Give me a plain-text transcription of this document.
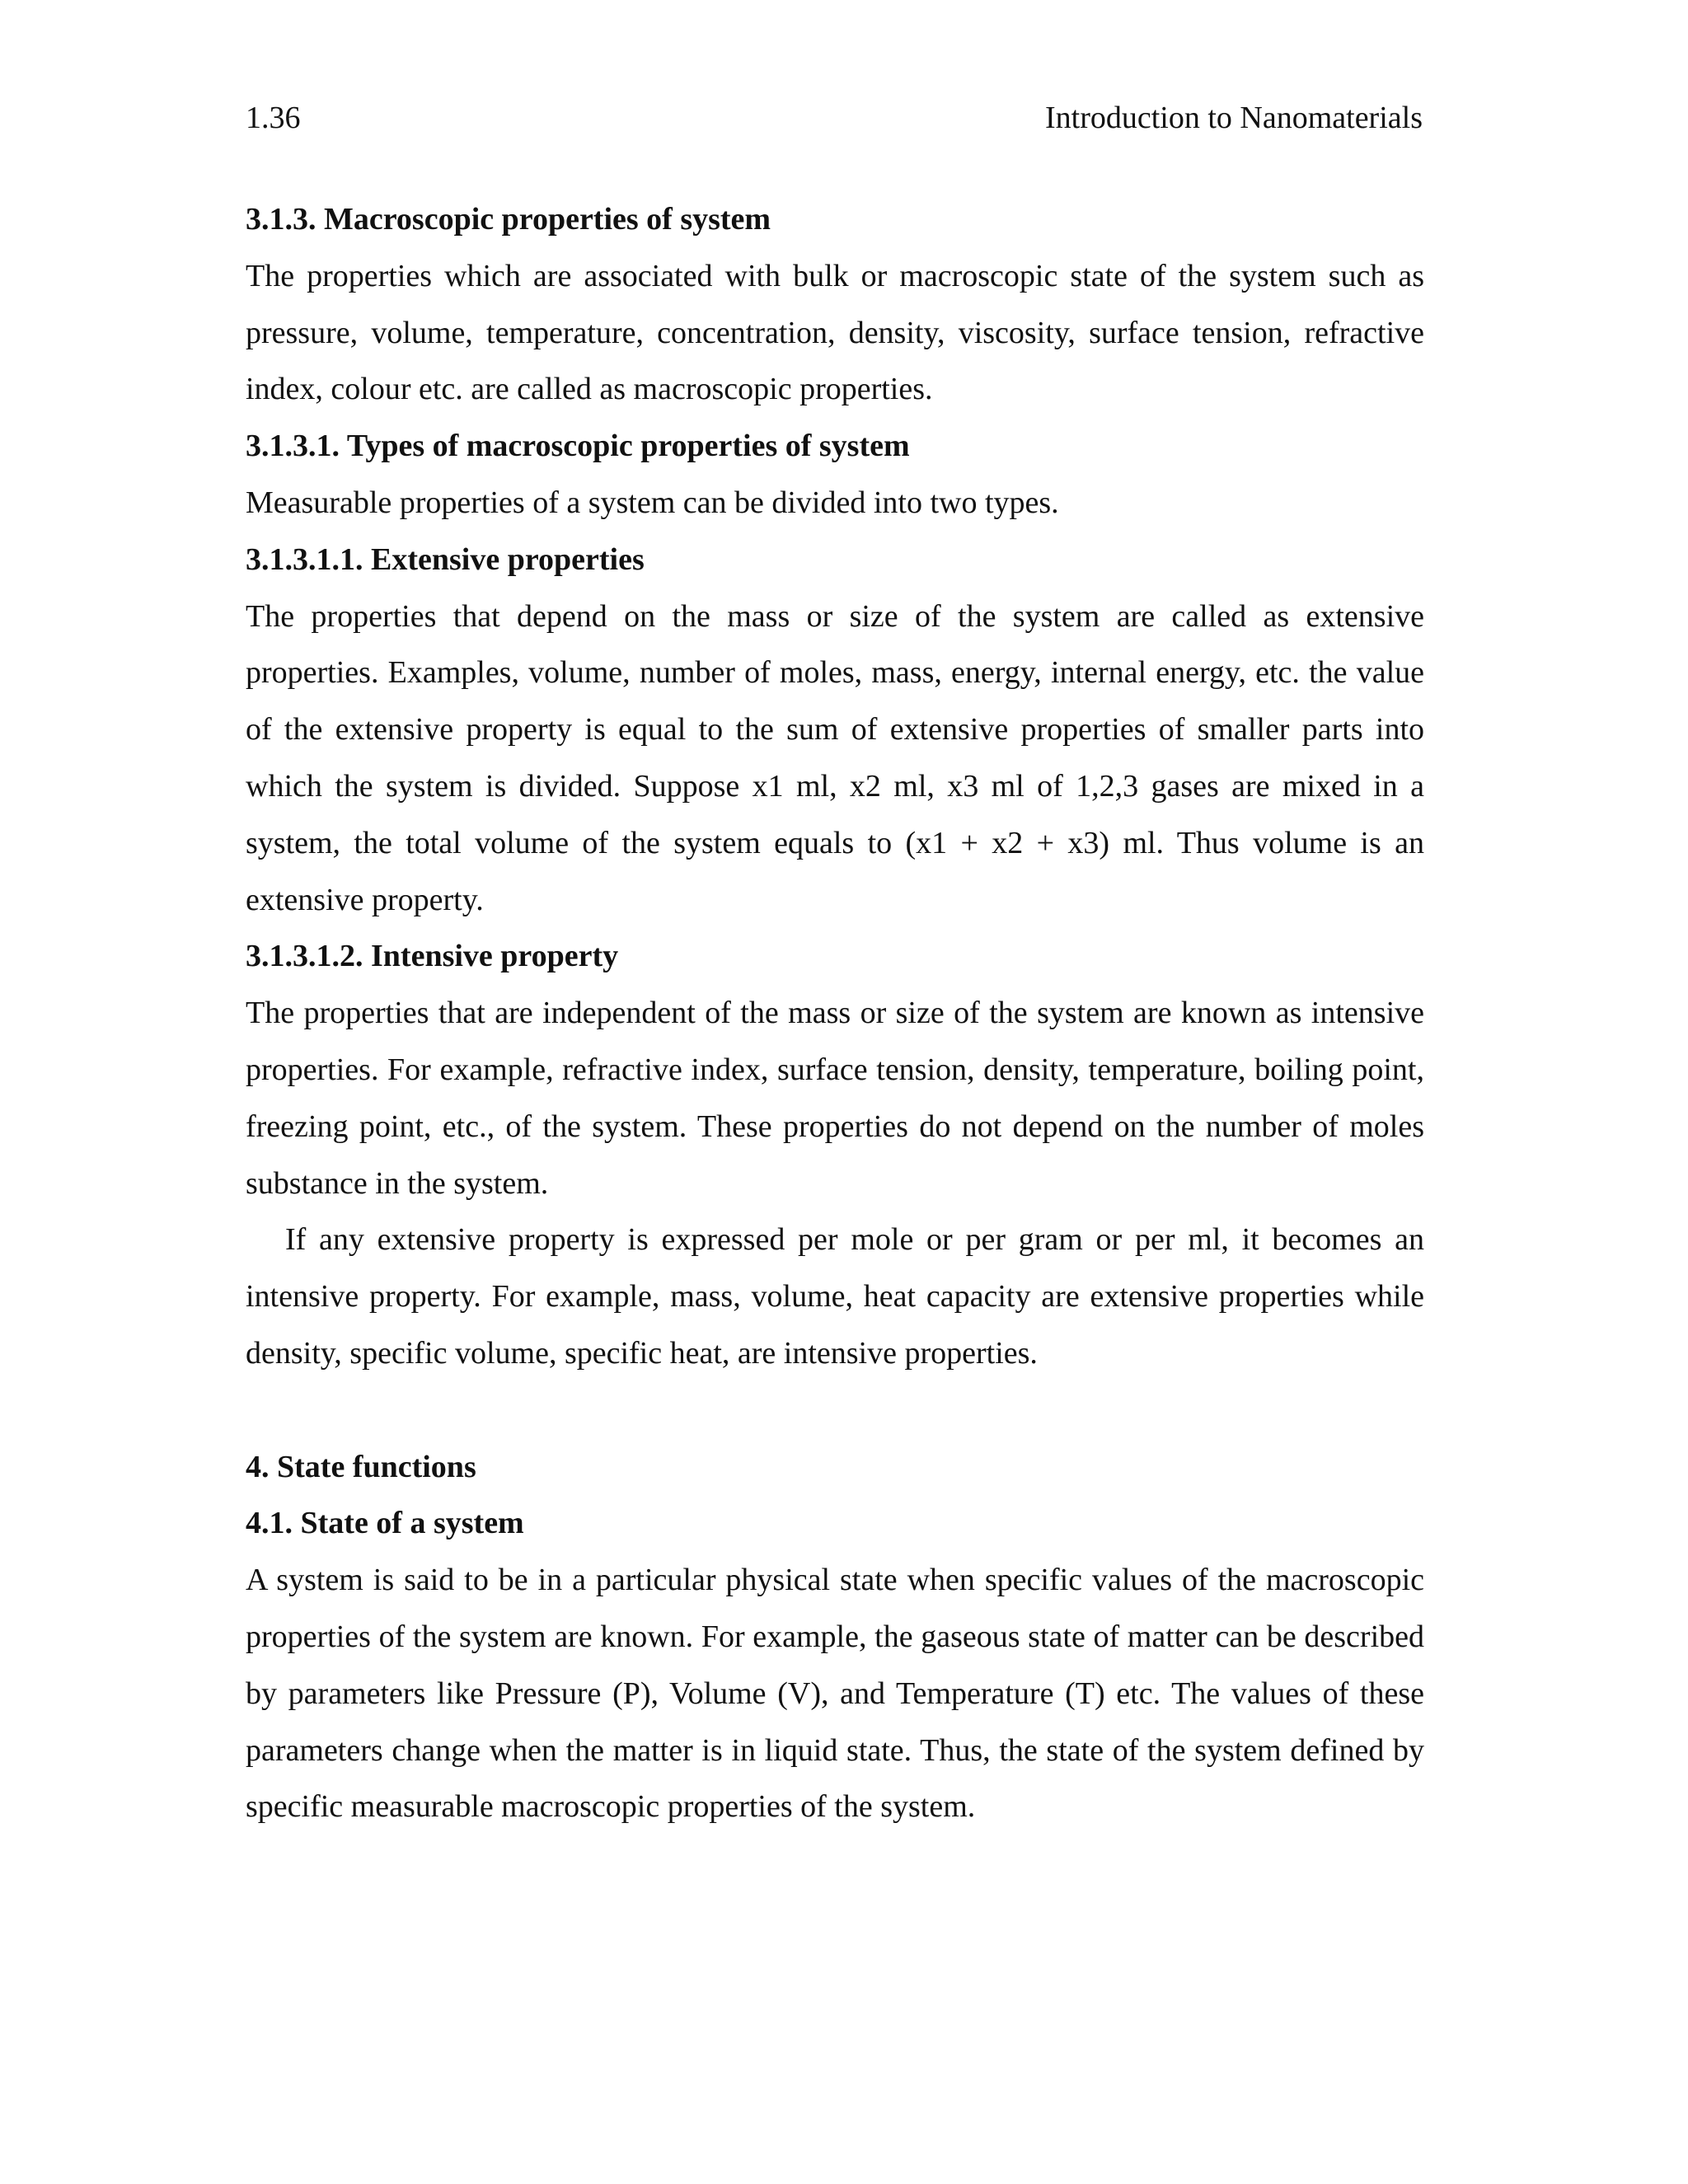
1.36	Introduction to Nanomaterials

3.1.3. Macroscopic properties of system

The properties which are associated with bulk or macroscopic state of the system such as pressure, volume, temperature, concentration, density, viscosity, surface tension, refractive index, colour etc. are called as macroscopic properties.

3.1.3.1. Types of macroscopic properties of system

Measurable properties of a system can be divided into two types.

3.1.3.1.1. Extensive properties

The properties that depend on the mass or size of the system are called as extensive properties. Examples, volume, number of moles, mass, energy, internal energy, etc. the value of the extensive property is equal to the sum of extensive properties of smaller parts into which the system is divided. Suppose x1 ml, x2 ml, x3 ml of 1,2,3 gases are mixed in a system, the total volume of the system equals to (x1 + x2 + x3) ml. Thus volume is an extensive property.

3.1.3.1.2. Intensive property

The properties that are independent of the mass or size of the system are known as intensive properties. For example, refractive index, surface tension, density, temperature, boiling point, freezing point, etc., of the system. These properties do not depend on the number of moles substance in the system.

If any extensive property is expressed per mole or per gram or per ml, it becomes an intensive property. For example, mass, volume, heat capacity are extensive properties while density, specific volume, specific heat, are intensive properties.

4. State functions

4.1. State of a system

A system is said to be in a particular physical state when specific values of the macroscopic properties of the system are known. For example, the gaseous state of matter can be described by parameters like Pressure (P), Volume (V), and Temperature (T) etc. The values of these parameters change when the matter is in liquid state. Thus, the state of the system defined by specific measurable macroscopic properties of the system.
